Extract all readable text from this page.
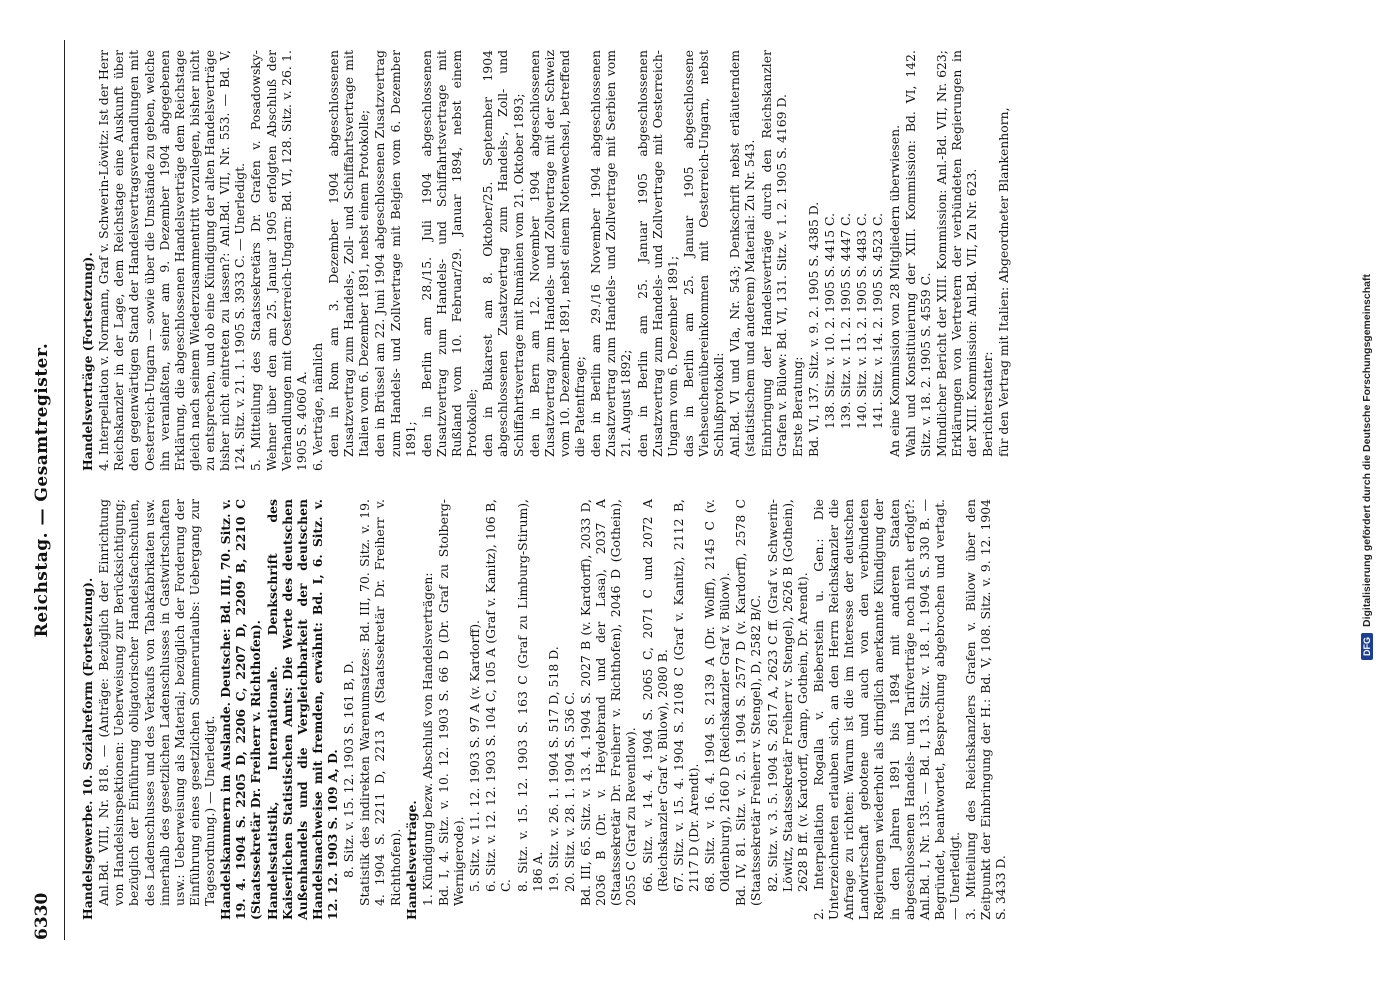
6330
Reichstag. — Gesamtregister.

Handelsgewerbe. 10. Sozialreform (Fortsetzung). Anl.Bd. VIII, Nr. 818. — (Anträge: Bezüglich der Einrichtung von Handelsinspektionen: Ueberweisung zur Berücksichtigung; bezüglich der Einführung obligatorischer Handelsfachschulen, des Ladenschlusses und des Verkaufs von Tabakfabrikaten usw. innerhalb des gesetzlichen Ladenschlusses in Gastwirtschaften usw.: Ueberweisung als Material; bezüglich der Forderung der Einführung eines gesetzlichen Sommerurlaubs: Uebergang zur Tagesordnung.) — Unerledigt. Handelskammern im Auslande. Deutsche: Bd. III, 70. Sitz. v. 19. 4. 1904 S. 2205 D, 2206 C, 2207 D, 2209 B, 2210 C (Staatssekretär Dr. Freiherr v. Richthofen). Handelsstatistik, Internationale. Denkschrift des Kaiserlichen Statistischen Amts: Die Werte des deutschen Außenhandels und die Vergleichbarkeit der deutschen Handelsnachweise mit fremden, erwähnt: Bd. I, 6. Sitz. v. 12. 12. 1903 S. 109 A, D. 8. Sitz. v. 15. 12. 1903 S. 161 B, D. Statistik des indirekten Warenumsatzes: Bd. III, 70. Sitz. v. 19. 4. 1904 S. 2211 D, 2213 A (Staatssekretär Dr. Freiherr v. Richthofen). Handelsverträge. 1. Kündigung bezw. Abschluß von Handelsverträgen: Bd. I, 4. Sitz. v. 10. 12. 1903 S. 66 D (Dr. Graf zu Stolberg-Wernigerode). 5. Sitz. v. 11. 12. 1903 S. 97 A (v. Kardorff). 6. Sitz. v. 12. 12. 1903 S. 104 C, 105 A (Graf v. Kanitz), 106 B, C. 8. Sitz. v. 15. 12. 1903 S. 163 C (Graf zu Limburg-Stirum), 186 A. 19. Sitz. v. 26. 1. 1904 S. 517 D, 518 D. 20. Sitz. v. 28. 1. 1904 S. 536 C. Bd. III, 65. Sitz. v. 13. 4. 1904 S. 2027 B (v. Kardorff), 2033 D, 2036 B (Dr. v. Heydebrand und der Lasa), 2037 A (Staatssekretär Dr. Freiherr v. Richthofen), 2046 D (Gothein), 2055 C (Graf zu Reventlow). 66. Sitz. v. 14. 4. 1904 S. 2065 C, 2071 C und 2072 A (Reichskanzler Graf v. Bülow), 2080 B. 67. Sitz. v. 15. 4. 1904 S. 2108 C (Graf v. Kanitz), 2112 B, 2117 D (Dr. Arendt). 68. Sitz. v. 16. 4. 1904 S. 2139 A (Dr. Wolff), 2145 C (v. Oldenburg), 2160 D (Reichskanzler Graf v. Bülow). Bd. IV, 81. Sitz. v. 2. 5. 1904 S. 2577 D (v. Kardorff), 2578 C (Staatssekretär Freiherr v. Stengel), D, 2582 B/C. 82. Sitz. v. 3. 5. 1904 S. 2617 A, 2623 C ff. (Graf v. Schwerin-Löwitz, Staatssekretär Freiherr v. Stengel), 2626 B (Gothein), 2628 B ff. (v. Kardorff, Gamp, Gothein, Dr. Arendt). 2. Interpellation Rogalla v. Bieberstein u. Gen.: Die Unterzeichneten erlauben sich, an den Herrn Reichskanzler die Anfrage zu richten: Warum ist die im Interesse der deutschen Landwirtschaft gebotene und auch von den verbündeten Regierungen wiederholt als dringlich anerkannte Kündigung der in den Jahren 1891 bis 1894 mit anderen Staaten abgeschlossenen Handels- und Tarifverträge noch nicht erfolgt?: Anl.Bd. I, Nr. 135. — Bd. I, 13. Sitz. v. 18. 1. 1904 S. 330 B. — Begründet, beantwortet, Besprechung abgebrochen und vertagt. — Unerledigt. 3. Mitteilung des Reichskanzlers Grafen v. Bülow über den Zeitpunkt der Einbringung der H.: Bd. V, 108. Sitz. v. 9. 12. 1904 S. 3433 D.

Handelsverträge (Fortsetzung). 4. Interpellation v. Normann, Graf v. Schwerin-Löwitz: Ist der Herr Reichskanzler in der Lage, dem Reichstage eine Auskunft über den gegenwärtigen Stand der Handelsvertragsverhandlungen mit Oesterreich-Ungarn — sowie über die Umstände zu geben, welche ihn veranlaßten, seiner am 9. Dezember 1904 abgegebenen Erklärung, die abgeschlossenen Handelsverträge dem Reichstage gleich nach seinem Wiederzusammentritt vorzulegen, bisher nicht zu entsprechen, und ob eine Kündigung der alten Handelsverträge bisher nicht eintreten zu lassen?: Anl.Bd. VII, Nr. 553. — Bd. V, 124. Sitz. v. 21. 1. 1905 S. 3933 C. — Unerledigt. 5. Mitteilung des Staatssekretärs Dr. Grafen v. Posadowsky-Wehner über den am 25. Januar 1905 erfolgten Abschluß der Verhandlungen mit Oesterreich-Ungarn: Bd. VI, 128. Sitz. v. 26. 1. 1905 S. 4060 A. 6. Verträge, nämlich den in Rom am 3. Dezember 1904 abgeschlossenen Zusatzvertrag zum Handels-, Zoll- und Schiffahrtsvertrage mit Italien vom 6. Dezember 1891, nebst einem Protokolle; den in Brüssel am 22. Juni 1904 abgeschlossenen Zusatzvertrag zum Handels- und Zollvertrage mit Belgien vom 6. Dezember 1891; den in Berlin am 28./15. Juli 1904 abgeschlossenen Zusatzvertrag zum Handels- und Schiffahrtsvertrage mit Rußland vom 10. Februar/29. Januar 1894, nebst einem Protokolle; den in Bukarest am 8. Oktober/25. September 1904 abgeschlossenen Zusatzvertrag zum Handels-, Zoll- und Schiffahrtsvertrage mit Rumänien vom 21. Oktober 1893; den in Bern am 12. November 1904 abgeschlossenen Zusatzvertrag zum Handels- und Zollvertrage mit der Schweiz vom 10. Dezember 1891, nebst einem Notenwechsel, betreffend die Patentfrage; den in Berlin am 29./16 November 1904 abgeschlossenen Zusatzvertrag zum Handels- und Zollvertrage mit Serbien vom 21. August 1892; den in Berlin am 25. Januar 1905 abgeschlossenen Zusatzvertrag zum Handels- und Zollvertrage mit Oesterreich-Ungarn vom 6. Dezember 1891; das in Berlin am 25. Januar 1905 abgeschlossene Viehseuchenübereinkommen mit Oesterreich-Ungarn, nebst Schlußprotokoll: Anl.Bd. VI und VIa, Nr. 543; Denkschrift nebst erläuterndem (statistischem und anderem) Material: Zu Nr. 543. Einbringung der Handelsverträge durch den Reichskanzler Grafen v. Bülow: Bd. VI, 131. Sitz. v. 1. 2. 1905 S. 4169 D. Erste Beratung: Bd. VI, 137. Sitz. v. 9. 2. 1905 S. 4385 D. 138. Sitz. v. 10. 2. 1905 S. 4415 C. 139. Sitz. v. 11. 2. 1905 S. 4447 C. 140. Sitz. v. 13. 2. 1905 S. 4483 C. 141. Sitz. v. 14. 2. 1905 S. 4523 C. An eine Kommission von 28 Mitgliedern überwiesen. Wahl und Konstituierung der XIII. Kommission: Bd. VI, 142. Sitz. v. 18. 2. 1905 S. 4559 C. Mündlicher Bericht der XIII. Kommission: Anl.-Bd. VII, Nr. 623; Erklärungen von Vertretern der verbündeten Regierungen in der XIII. Kommission: Anl.Bd. VII, Zu Nr. 623. Berichterstatter: für den Vertrag mit Italien: Abgeordneter Blankenhorn,

DFG
Digitalisierung gefördert durch die Deutsche Forschungsgemeinschaft
